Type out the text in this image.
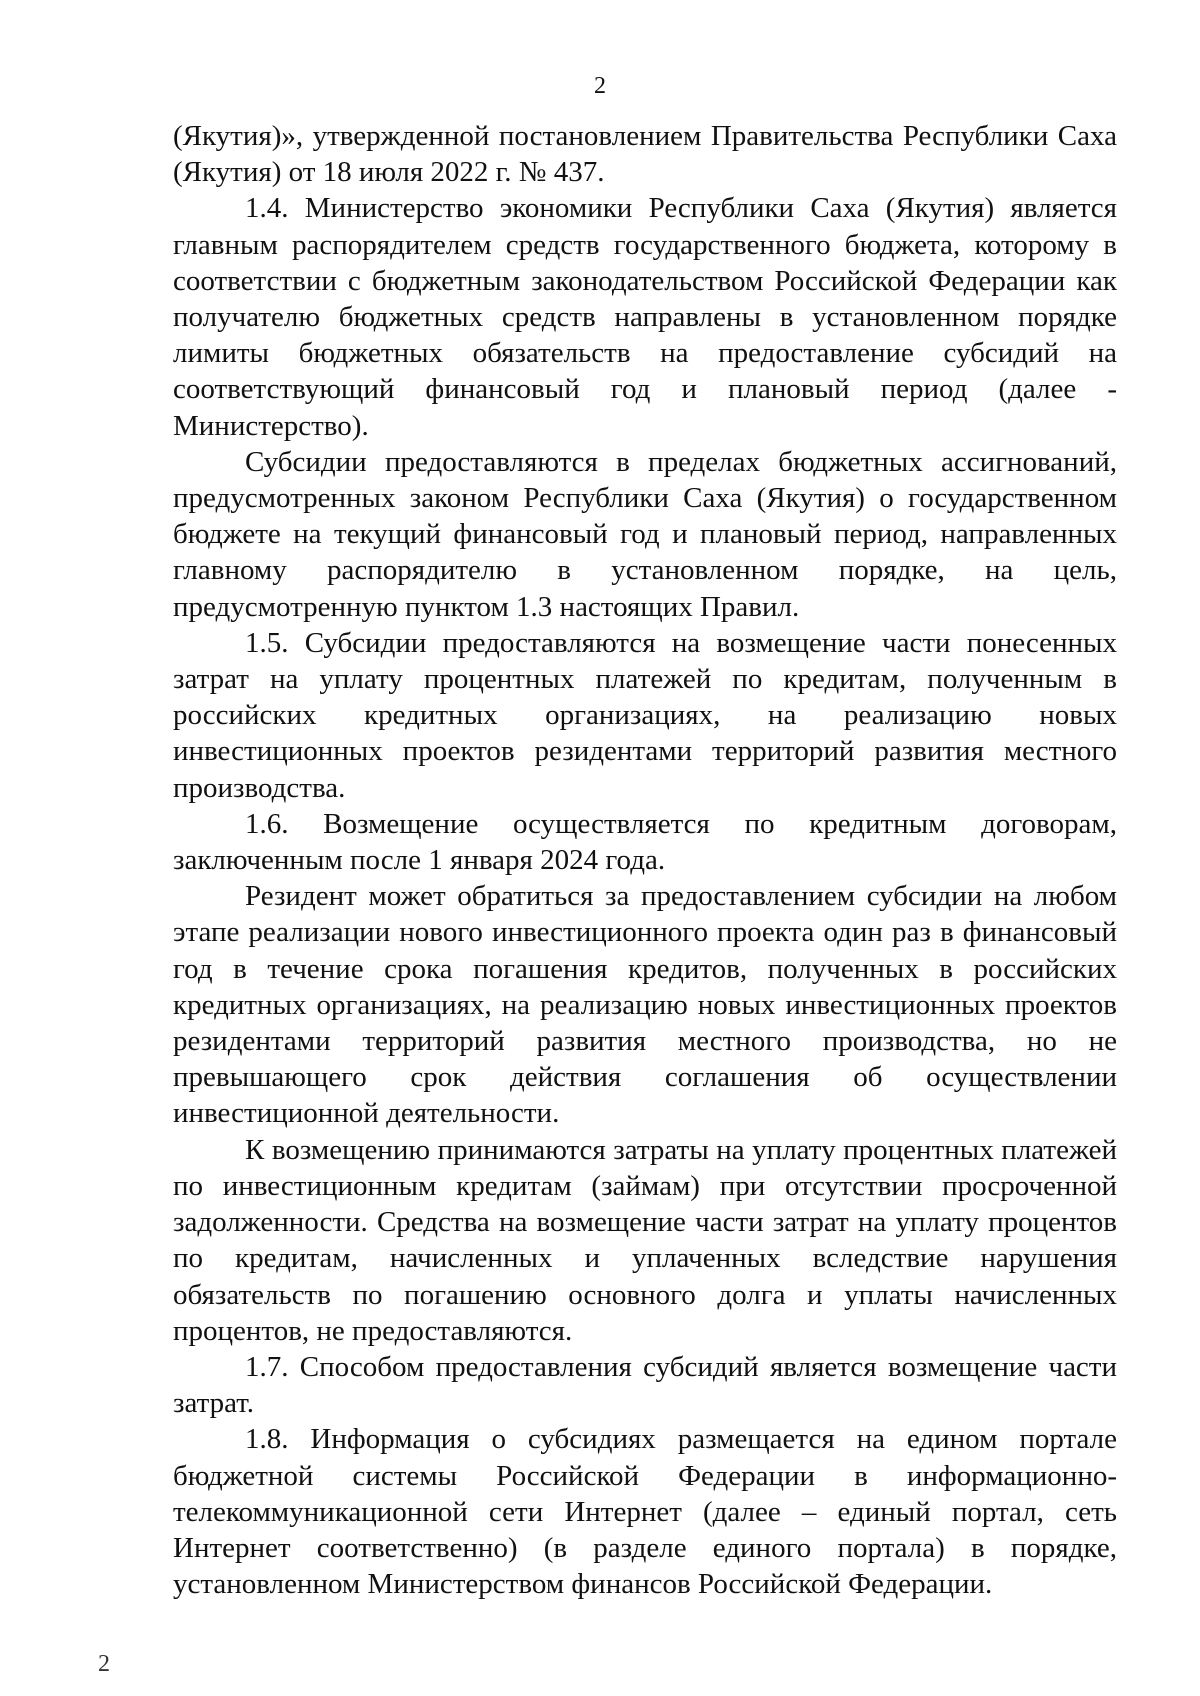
2

(Якутия)», утвержденной постановлением Правительства Республики Саха (Якутия) от 18 июля 2022 г. № 437.

1.4. Министерство экономики Республики Саха (Якутия) является главным распорядителем средств государственного бюджета, которому в соответствии с бюджетным законодательством Российской Федерации как получателю бюджетных средств направлены в установленном порядке лимиты бюджетных обязательств на предоставление субсидий на соответствующий финансовый год и плановый период (далее - Министерство).

Субсидии предоставляются в пределах бюджетных ассигнований, предусмотренных законом Республики Саха (Якутия) о государственном бюджете на текущий финансовый год и плановый период, направленных главному распорядителю в установленном порядке, на цель, предусмотренную пунктом 1.3 настоящих Правил.

1.5. Субсидии предоставляются на возмещение части понесенных затрат на уплату процентных платежей по кредитам, полученным в российских кредитных организациях, на реализацию новых инвестиционных проектов резидентами территорий развития местного производства.

1.6. Возмещение осуществляется по кредитным договорам, заключенным после 1 января 2024 года.

Резидент может обратиться за предоставлением субсидии на любом этапе реализации нового инвестиционного проекта один раз в финансовый год в течение срока погашения кредитов, полученных в российских кредитных организациях, на реализацию новых инвестиционных проектов резидентами территорий развития местного производства, но не превышающего срок действия соглашения об осуществлении инвестиционной деятельности.

К возмещению принимаются затраты на уплату процентных платежей по инвестиционным кредитам (займам) при отсутствии просроченной задолженности. Средства на возмещение части затрат на уплату процентов по кредитам, начисленных и уплаченных вследствие нарушения обязательств по погашению основного долга и уплаты начисленных процентов, не предоставляются.

1.7. Способом предоставления субсидий является возмещение части затрат.

1.8. Информация о субсидиях размещается на едином портале бюджетной системы Российской Федерации в информационно-телекоммуникационной сети Интернет (далее – единый портал, сеть Интернет соответственно) (в разделе единого портала) в порядке, установленном Министерством финансов Российской Федерации.

2
